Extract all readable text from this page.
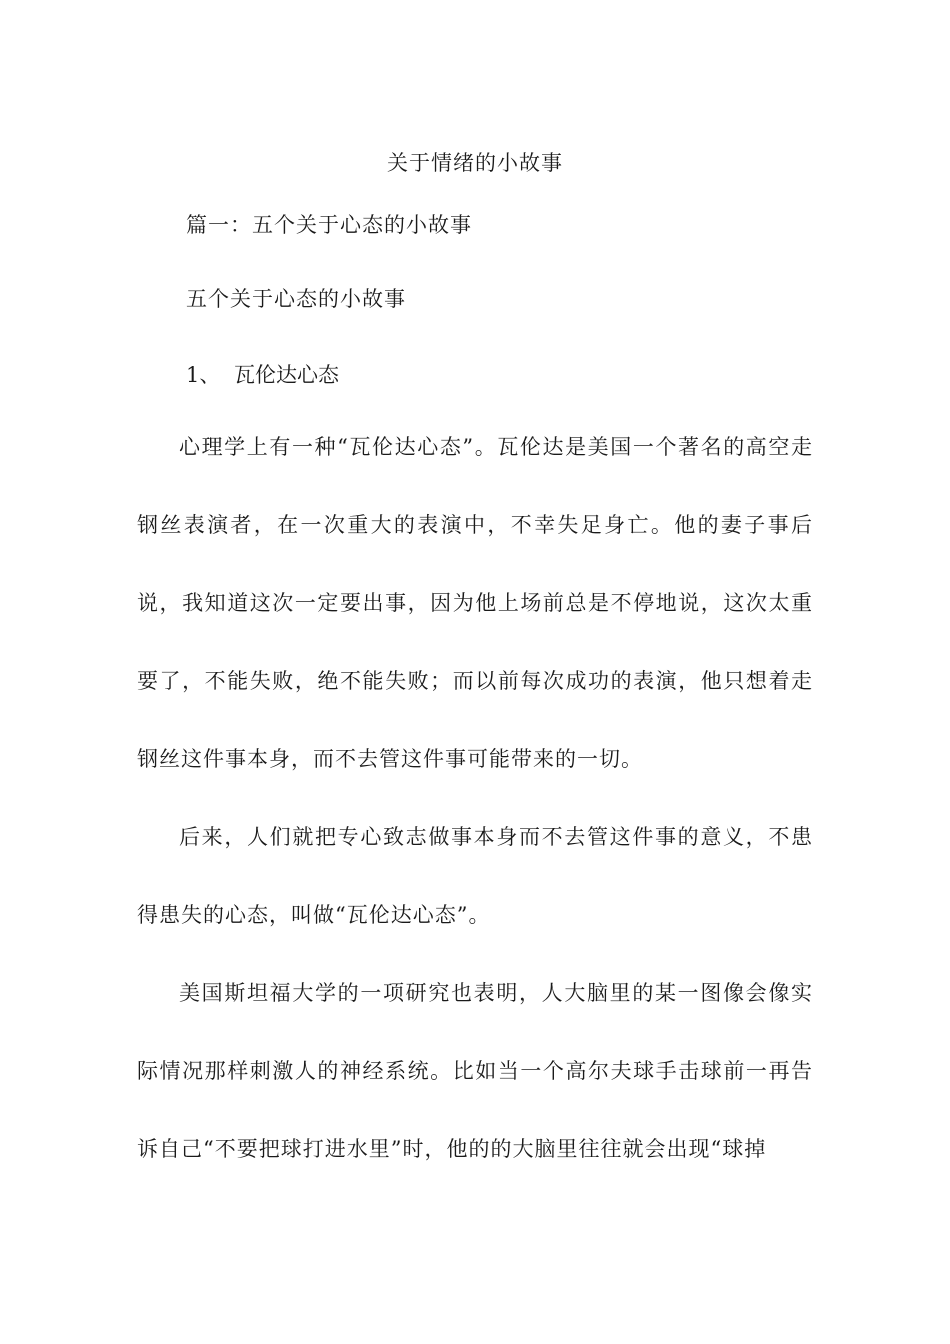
关于情绪的小故事
篇一：五个关于心态的小故事
五个关于心态的小故事
1、 瓦伦达心态
心理学上有一种“瓦伦达心态”。瓦伦达是美国一个著名的高空走钢丝表演者，在一次重大的表演中，不幸失足身亡。他的妻子事后说，我知道这次一定要出事，因为他上场前总是不停地说，这次太重要了，不能失败，绝不能失败；而以前每次成功的表演，他只想着走钢丝这件事本身，而不去管这件事可能带来的一切。
后来，人们就把专心致志做事本身而不去管这件事的意义，不患得患失的心态，叫做“瓦伦达心态”。
美国斯坦福大学的一项研究也表明，人大脑里的某一图像会像实际情况那样刺激人的神经系统。比如当一个高尔夫球手击球前一再告诉自己“不要把球打进水里”时，他的的大脑里往往就会出现“球掉
